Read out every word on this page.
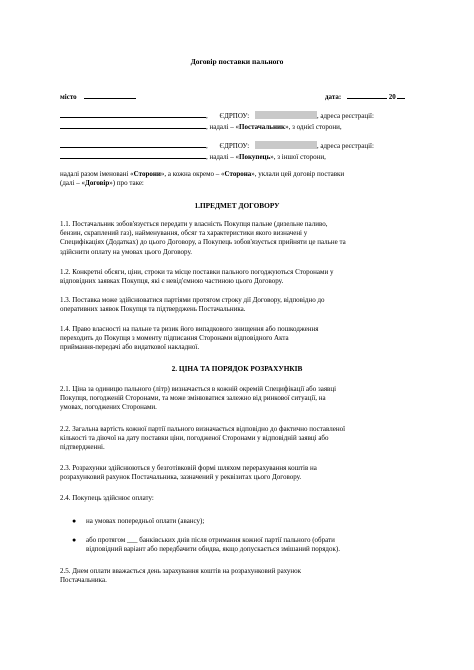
Договір поставки пального
місто	дата:	20
, ЄДРПОУ:	, адреса реєстрації:
, надалі – «Постачальник», з однієї сторони,
, ЄДРПОУ:	, адреса реєстрації:
, надалі – «Покупець», з іншої сторони,
надалі разом іменовані «Сторони», а кожна окремо – «Сторона», уклали цей договір поставки
(далі – «Договір») про таке:
1.ПРЕДМЕТ ДОГОВОРУ
1.1. Постачальник зобов'язується передати у власність Покупця пальне (дизельне паливо,
бензин, скраплений газ), найменування, обсяг та характеристики якого визначені у
Специфікаціях (Додатках) до цього Договору, а Покупець зобов'язується прийняти це пальне та
здійснити оплату на умовах цього Договору.
1.2. Конкретні обсяги, ціни, строки та місце поставки пального погоджуються Сторонами у
відповідних заявках Покупця, які є невід'ємною частиною цього Договору.
1.3. Поставка може здійснюватися партіями протягом строку дії Договору, відповідно до
оперативних заявок Покупця та підтверджень Постачальника.
1.4. Право власності на пальне та ризик його випадкового знищення або пошкодження
переходить до Покупця з моменту підписання Сторонами відповідного Акта
приймання-передачі або видаткової накладної.
2. ЦІНА ТА ПОРЯДОК РОЗРАХУНКІВ
2.1. Ціна за одиницю пального (літр) визначається в кожній окремій Специфікації або заявці
Покупця, погодженій Сторонами, та може змінюватися залежно від ринкової ситуації, на
умовах, погоджених Сторонами.
2.2. Загальна вартість кожної партії пального визначається відповідно до фактично поставленої
кількості та діючої на дату поставки ціни, погодженої Сторонами у відповідній заявці або
підтвердженні.
2.3. Розрахунки здійснюються у безготівковій формі шляхом перерахування коштів на
розрахунковий рахунок Постачальника, зазначений у реквізитах цього Договору.
2.4. Покупець здійснює оплату:
● на умовах попередньої оплати (авансу);
● або протягом ___ банківських днів після отримання кожної партії пального (обрати
відповідний варіант або передбачити обидва, якщо допускається змішаний порядок).
2.5. Днем оплати вважається день зарахування коштів на розрахунковий рахунок
Постачальника.
